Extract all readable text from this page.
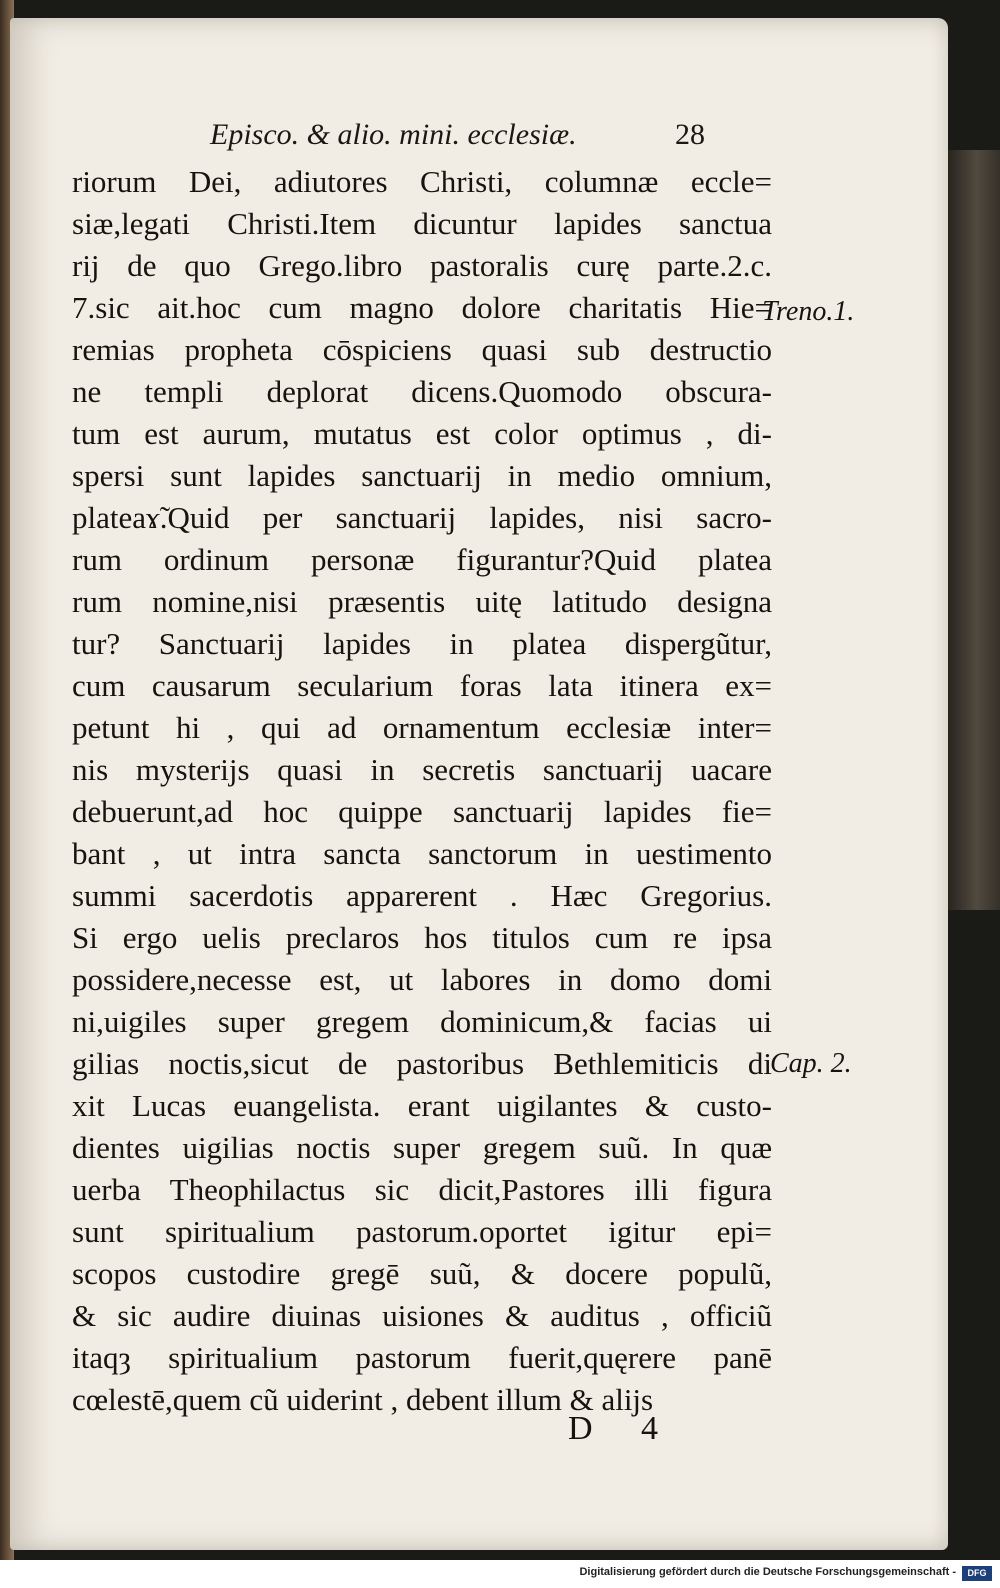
Episco. & alio. mini. ecclesiæ.	28
riorum Dei, adiutores Christi, columnæ eccle=
siæ,legati Christi.Item dicuntur lapides sanctua
rij de quo Grego.libro pastoralis curę parte.2.c.
7.sic ait.hoc cum magno dolore charitatis Hie=
remias propheta cōspiciens quasi sub destructio
ne templi deplorat dicens.Quomodo obscura-
tum est aurum, mutatus est color optimus , di-
spersi sunt lapides sanctuarij in medio omnium,
plateaɤ̃.Quid per sanctuarij lapides, nisi sacro-
rum ordinum personæ figurantur?Quid platea
rum nomine,nisi præsentis uitę latitudo designa
tur? Sanctuarij lapides in platea dispergũtur,
cum causarum secularium foras lata itinera ex=
petunt hi , qui ad ornamentum ecclesiæ inter=
nis mysterijs quasi in secretis sanctuarij uacare
debuerunt,ad hoc quippe sanctuarij lapides fie=
bant , ut intra sancta sanctorum in uestimento
summi sacerdotis apparerent . Hæc Gregorius.
Si ergo uelis preclaros hos titulos cum re ipsa
possidere,necesse est, ut labores in domo domi
ni,uigiles super gregem dominicum,& facias ui
gilias noctis,sicut de pastoribus Bethlemiticis di
xit Lucas euangelista. erant uigilantes & custo-
dientes uigilias noctis super gregem suũ. In quæ
uerba Theophilactus sic dicit,Pastores illi figura
sunt spiritualium pastorum.oportet igitur epi=
scopos custodire gregē suũ, & docere populũ,
& sic audire diuinas uisiones & auditus , officiũ
itaqȝ spiritualium pastorum fuerit,quęrere panē
cœlestē,quem cũ uiderint , debent illum & alijs
Treno.1.
Cap. 2.
D 4
Digitalisierung gefördert durch die Deutsche Forschungsgemeinschaft -	DFG
